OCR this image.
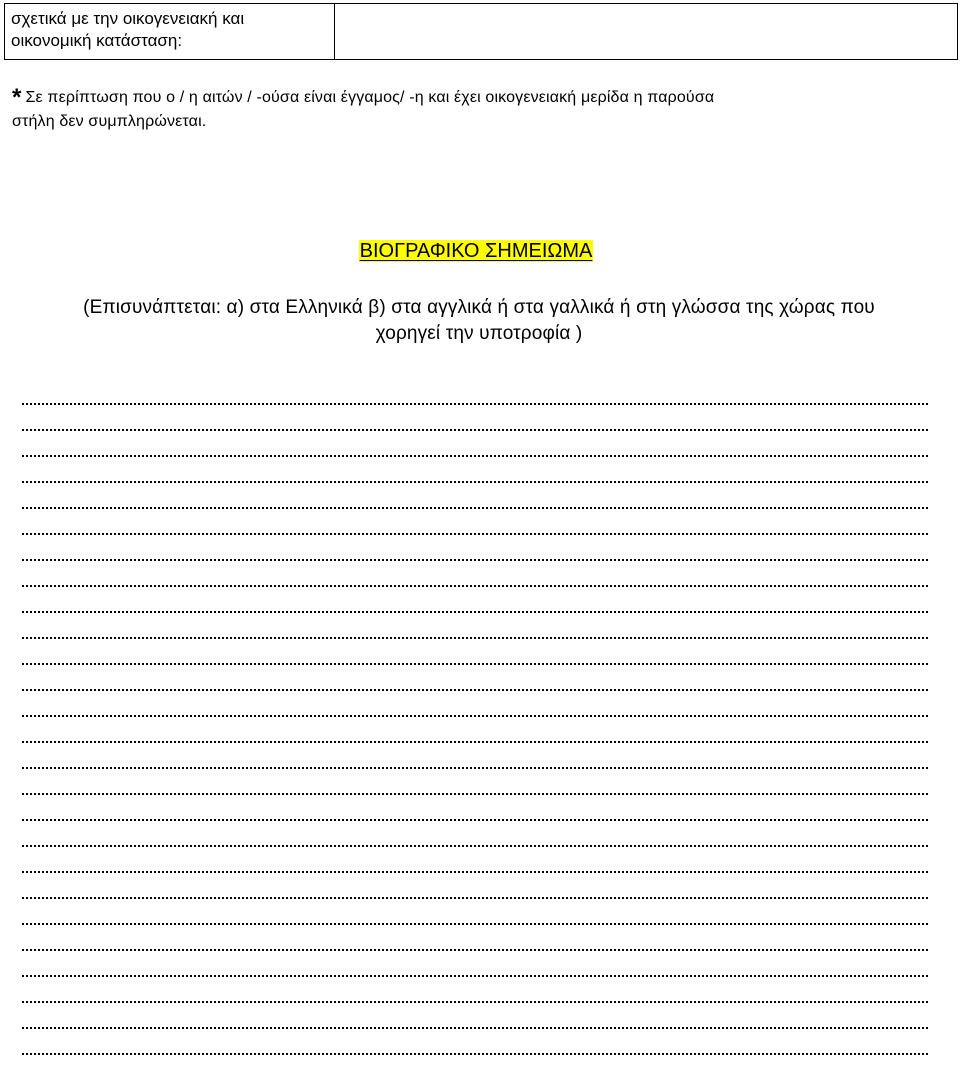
σχετικά με την οικογενειακή και
οικονομική κατάσταση:

* Σε περίπτωση που ο / η αιτών / -ούσα είναι έγγαμος/ -η και έχει οικογενειακή μερίδα η παρούσα
στήλη δεν συμπληρώνεται.
ΒΙΟΓΡΑΦΙΚΟ ΣΗΜΕΙΩΜΑ
(Επισυνάπτεται: α) στα Ελληνικά β) στα αγγλικά ή στα γαλλικά ή στη γλώσσα της χώρας που
χορηγεί την υποτροφία )
